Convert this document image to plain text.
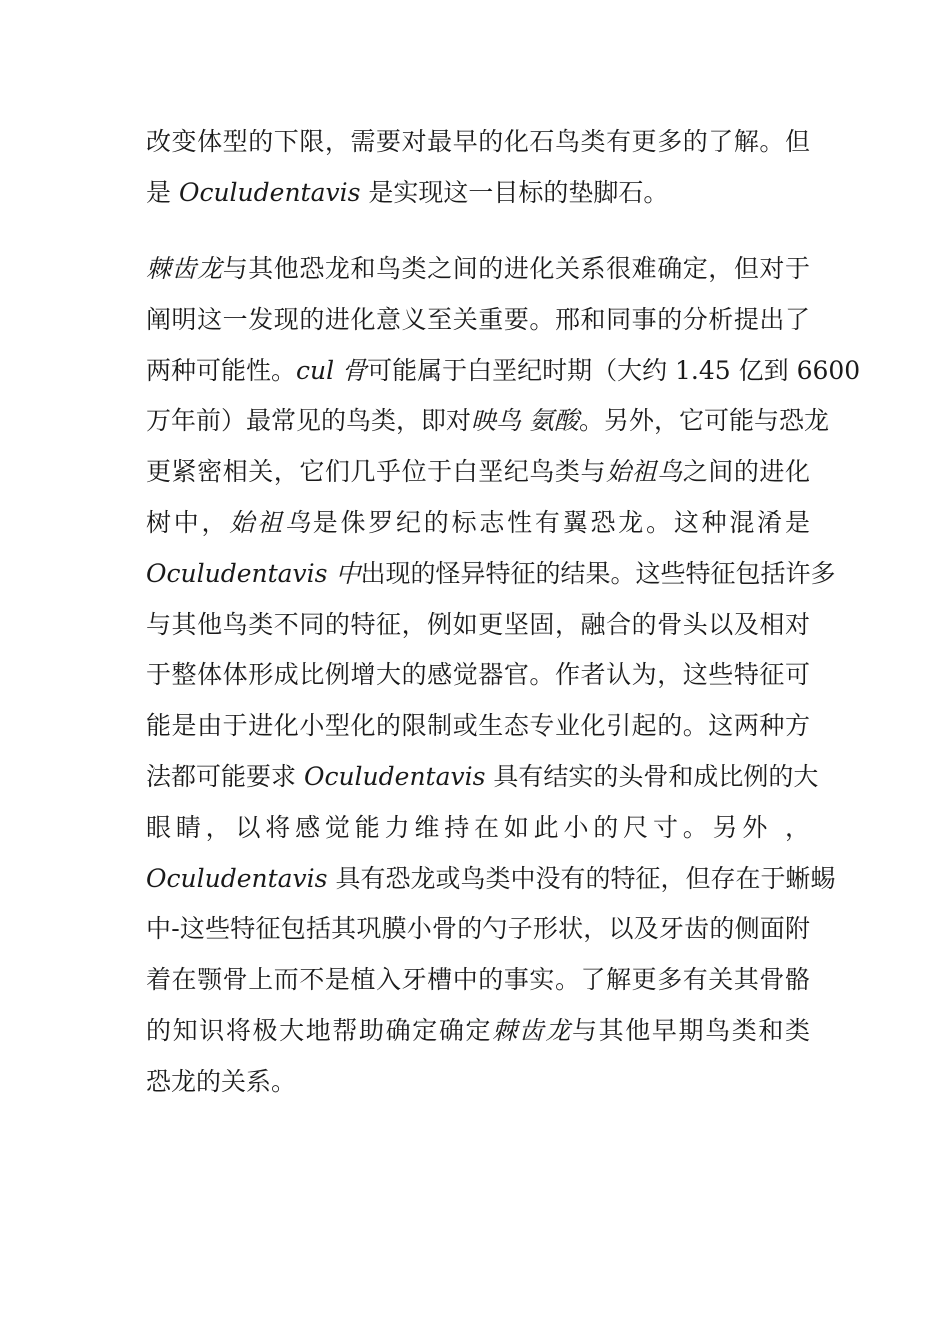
改变体型的下限，需要对最早的化石鸟类有更多的了解。但
是 Oculudentavis 是实现这一目标的垫脚石。
棘齿龙与其他恐龙和鸟类之间的进化关系很难确定，但对于
阐明这一发现的进化意义至关重要。邢和同事的分析提出了
两种可能性。cul 骨可能属于白垩纪时期（大约 1.45 亿到 6600
万年前）最常见的鸟类，即对映鸟 氨酸。另外，它可能与恐龙
更紧密相关，它们几乎位于白垩纪鸟类与始祖鸟之间的进化
树中，始祖鸟是侏罗纪的标志性有翼恐龙。这种混淆是
Oculudentavis 中出现的怪异特征的结果。这些特征包括许多
与其他鸟类不同的特征，例如更坚固，融合的骨头以及相对
于整体体形成比例增大的感觉器官。作者认为，这些特征可
能是由于进化小型化的限制或生态专业化引起的。这两种方
法都可能要求 Oculudentavis 具有结实的头骨和成比例的大
眼睛，以将感觉能力维持在如此小的尺寸。另外 ，
Oculudentavis 具有恐龙或鸟类中没有的特征，但存在于蜥蜴
中-这些特征包括其巩膜小骨的勺子形状，以及牙齿的侧面附
着在颚骨上而不是植入牙槽中的事实。了解更多有关其骨骼
的知识将极大地帮助确定确定棘齿龙与其他早期鸟类和类
恐龙的关系。
